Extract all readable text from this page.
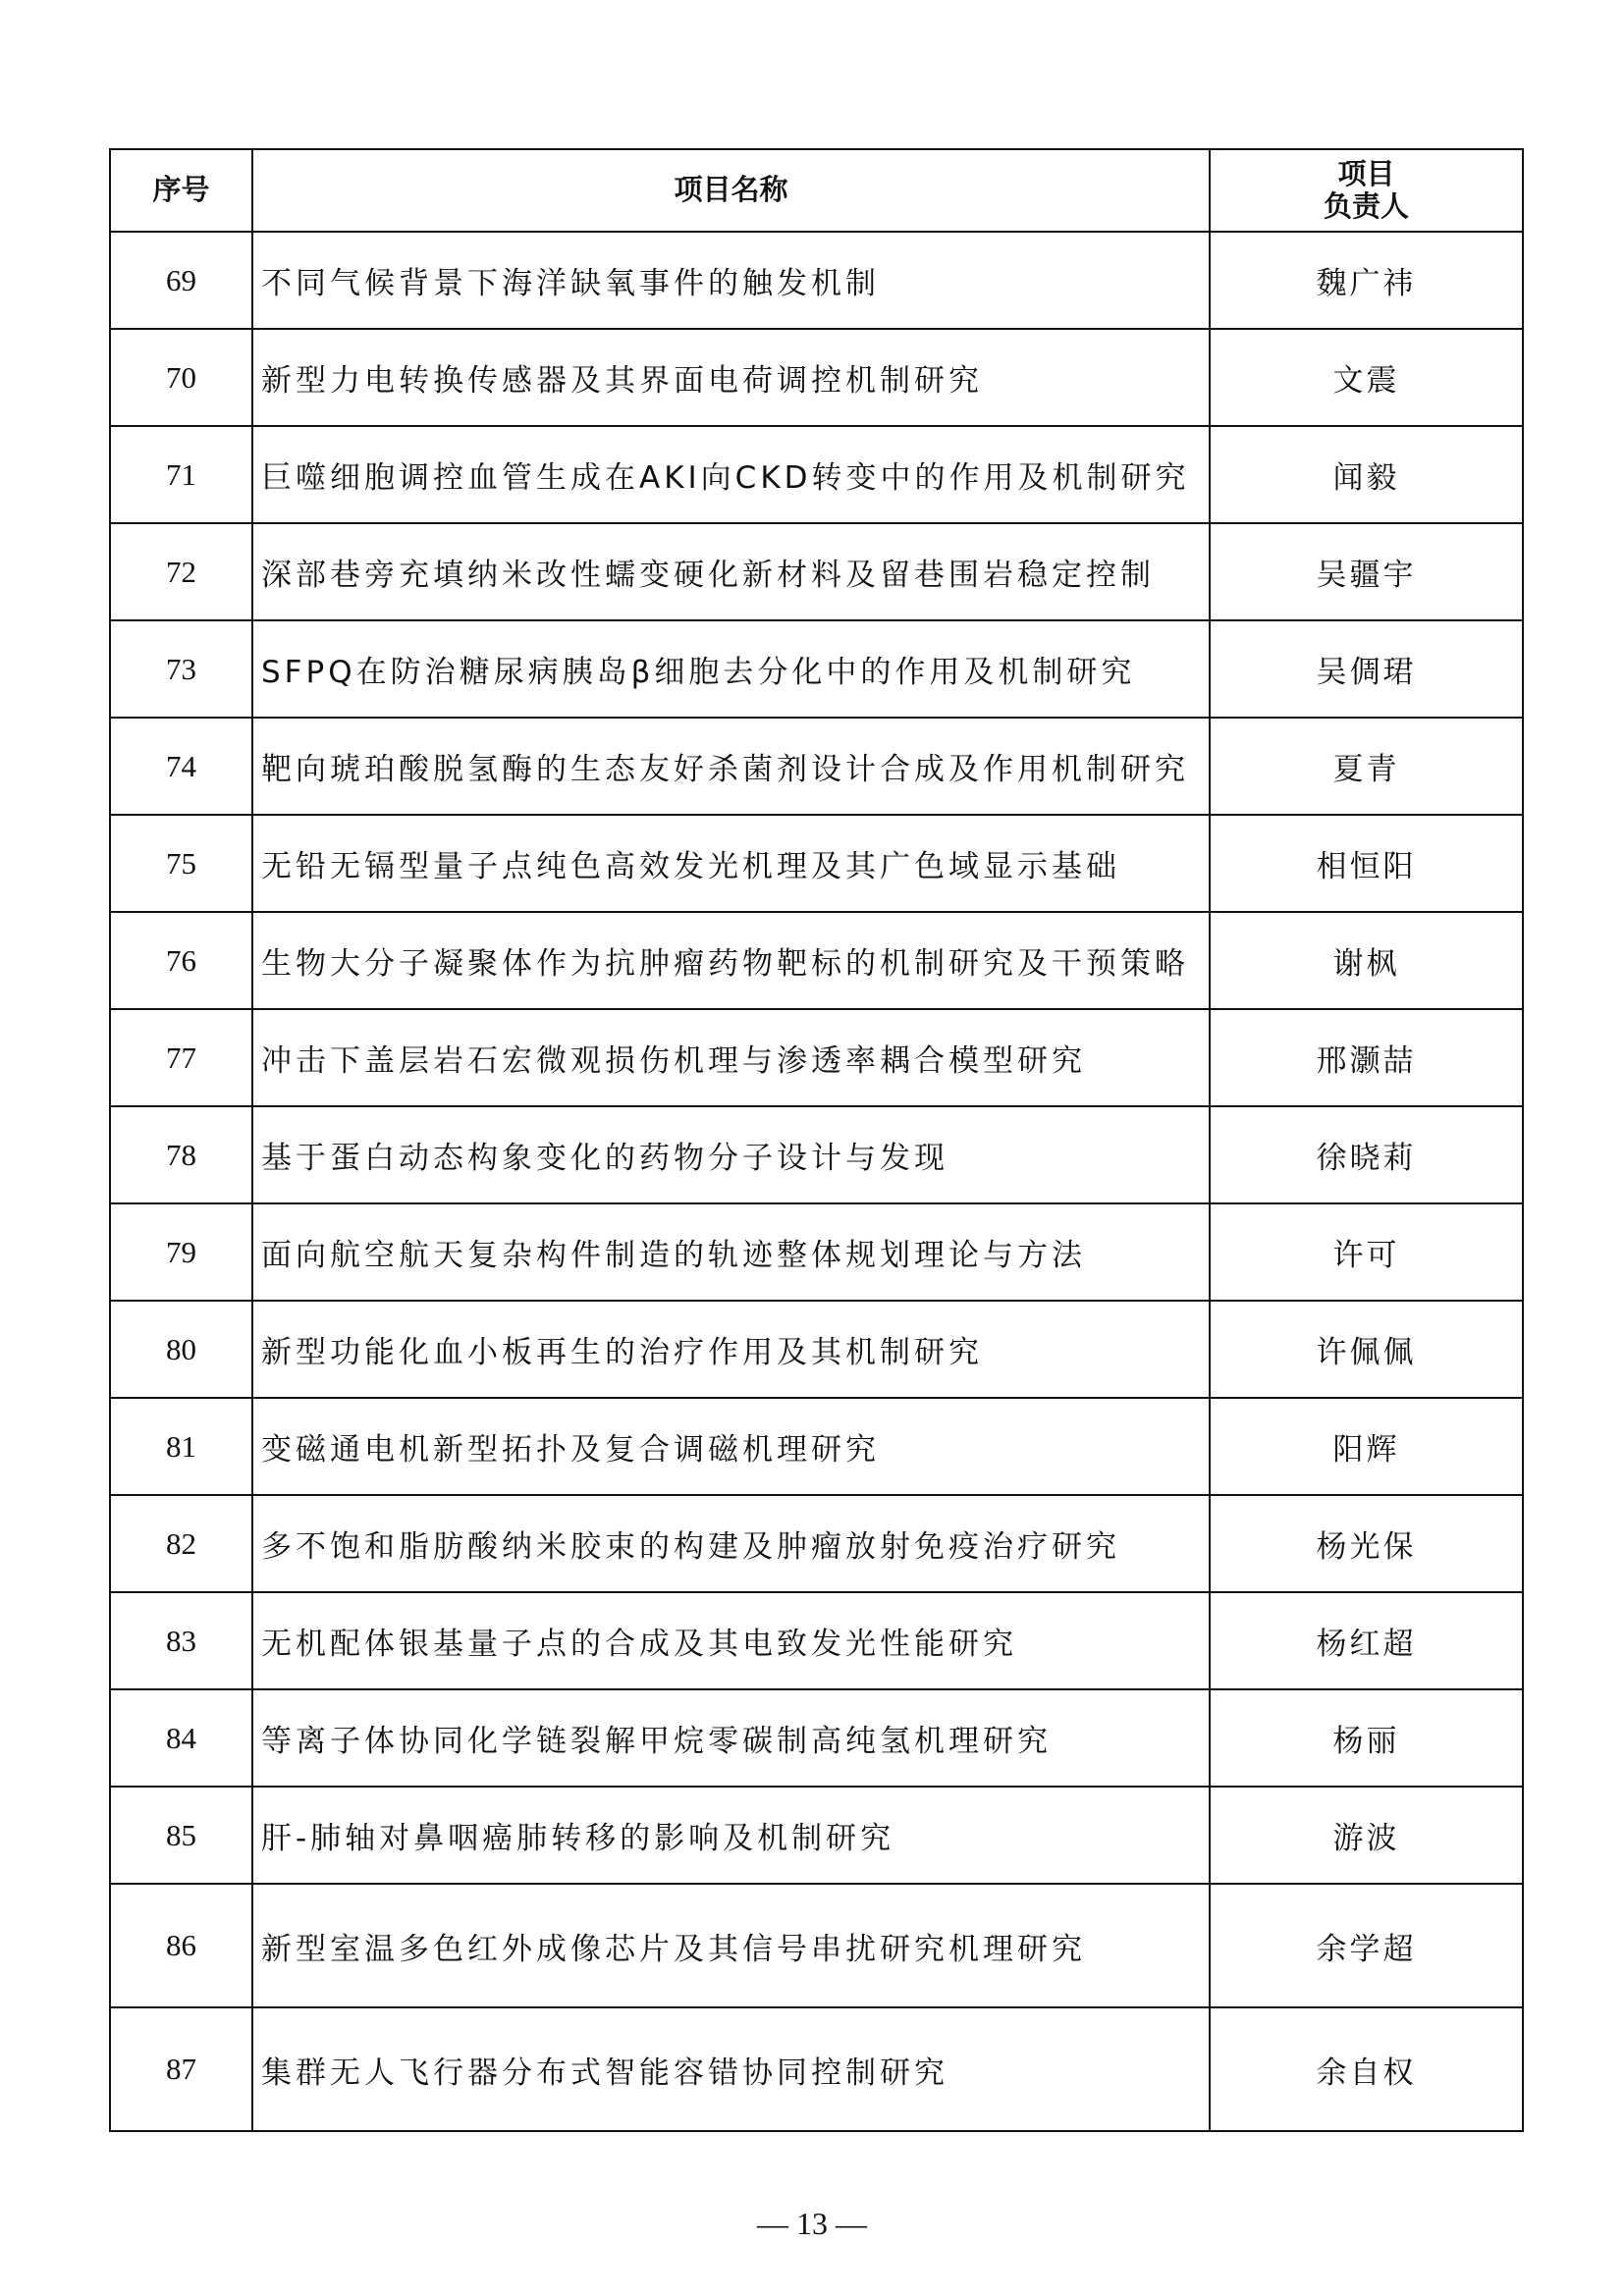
序号	项目名称	项目
负责人

69	不同气候背景下海洋缺氧事件的触发机制	魏广祎
70	新型力电转换传感器及其界面电荷调控机制研究	文震
71	巨噬细胞调控血管生成在AKI向CKD转变中的作用及机制研究	闻毅
72	深部巷旁充填纳米改性蠕变硬化新材料及留巷围岩稳定控制	吴疆宇
73	SFPQ在防治糖尿病胰岛β细胞去分化中的作用及机制研究	吴倜珺
74	靶向琥珀酸脱氢酶的生态友好杀菌剂设计合成及作用机制研究	夏青
75	无铅无镉型量子点纯色高效发光机理及其广色域显示基础	相恒阳
76	生物大分子凝聚体作为抗肿瘤药物靶标的机制研究及干预策略	谢枫
77	冲击下盖层岩石宏微观损伤机理与渗透率耦合模型研究	邢灏喆
78	基于蛋白动态构象变化的药物分子设计与发现	徐晓莉
79	面向航空航天复杂构件制造的轨迹整体规划理论与方法	许可
80	新型功能化血小板再生的治疗作用及其机制研究	许佩佩
81	变磁通电机新型拓扑及复合调磁机理研究	阳辉
82	多不饱和脂肪酸纳米胶束的构建及肿瘤放射免疫治疗研究	杨光保
83	无机配体银基量子点的合成及其电致发光性能研究	杨红超
84	等离子体协同化学链裂解甲烷零碳制高纯氢机理研究	杨丽
85	肝-肺轴对鼻咽癌肺转移的影响及机制研究	游波
86	新型室温多色红外成像芯片及其信号串扰研究机理研究	余学超
87	集群无人飞行器分布式智能容错协同控制研究	余自权
— 13 —
